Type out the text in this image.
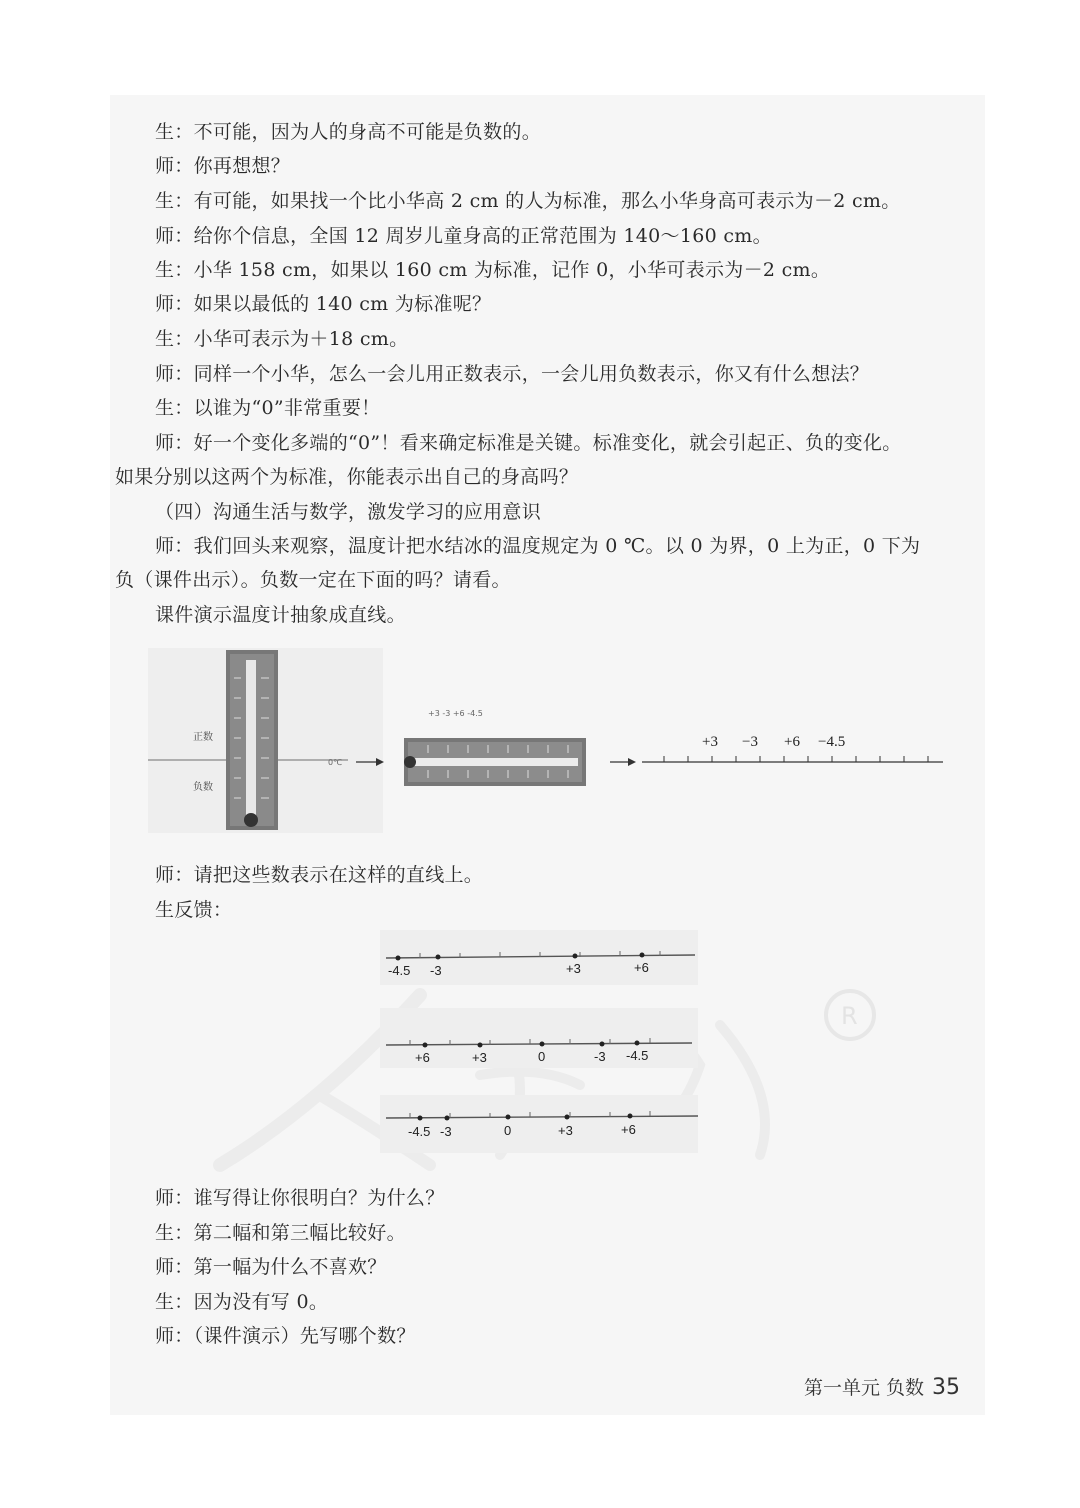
生：不可能，因为人的身高不可能是负数的。
师：你再想想？
生：有可能，如果找一个比小华高 2 cm 的人为标准，那么小华身高可表示为－2 cm。
师：给你个信息，全国 12 周岁儿童身高的正常范围为 140～160 cm。
生：小华 158 cm，如果以 160 cm 为标准，记作 0，小华可表示为－2 cm。
师：如果以最低的 140 cm 为标准呢？
生：小华可表示为＋18 cm。
师：同样一个小华，怎么一会儿用正数表示，一会儿用负数表示，你又有什么想法？
生：以谁为“0”非常重要！
师：好一个变化多端的“0”！看来确定标准是关键。标准变化，就会引起正、负的变化。
如果分别以这两个为标准，你能表示出自己的身高吗？
（四）沟通生活与数学，激发学习的应用意识
师：我们回头来观察，温度计把水结冰的温度规定为 0 ℃。以 0 为界，0 上为正，0 下为
负（课件出示）。负数一定在下面的吗？请看。
课件演示温度计抽象成直线。
正数
负数
0℃
+3 -3 +6 -4.5
+3 −3 +6 −4.5
师：请把这些数表示在这样的直线上。
生反馈：
R
-4.5 -3	+3	+6
+6	+3	0	-3 -4.5
-4.5 -3	0	+3	+6
师：谁写得让你很明白？为什么？
生：第二幅和第三幅比较好。
师：第一幅为什么不喜欢？
生：因为没有写 0。
师：（课件演示）先写哪个数？
第一单元 负数 35
